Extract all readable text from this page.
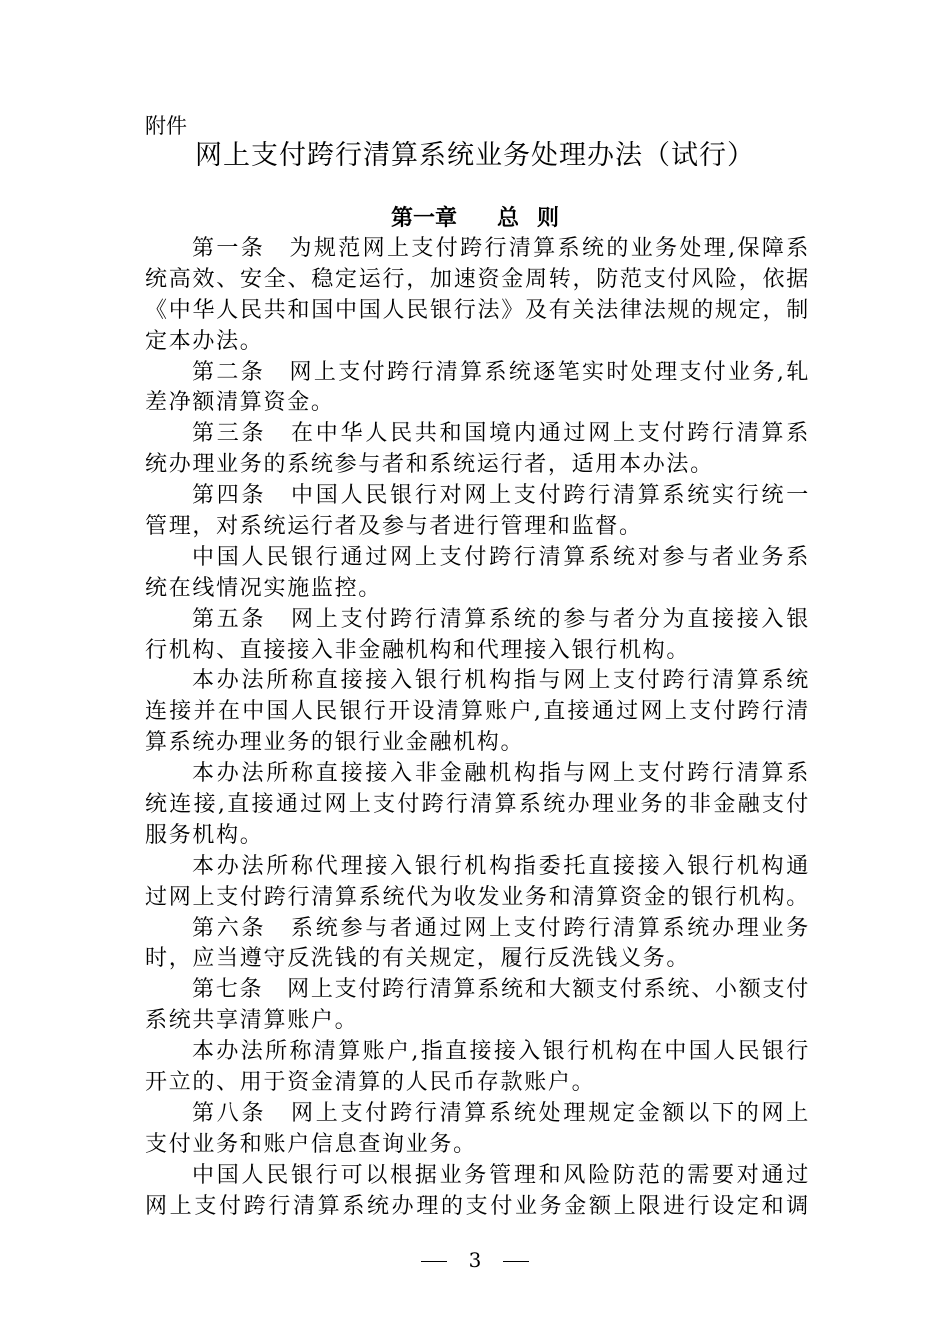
附件
网上支付跨行清算系统业务处理办法（试行）
第一章 总 则
第一条　为规范网上支付跨行清算系统的业务处理,保障系
统高效、安全、稳定运行，加速资金周转，防范支付风险，依据
《中华人民共和国中国人民银行法》及有关法律法规的规定，制
定本办法。
第二条　网上支付跨行清算系统逐笔实时处理支付业务,轧
差净额清算资金。
第三条　在中华人民共和国境内通过网上支付跨行清算系
统办理业务的系统参与者和系统运行者，适用本办法。
第四条　中国人民银行对网上支付跨行清算系统实行统一
管理，对系统运行者及参与者进行管理和监督。
中国人民银行通过网上支付跨行清算系统对参与者业务系
统在线情况实施监控。
第五条　网上支付跨行清算系统的参与者分为直接接入银
行机构、直接接入非金融机构和代理接入银行机构。
本办法所称直接接入银行机构指与网上支付跨行清算系统
连接并在中国人民银行开设清算账户,直接通过网上支付跨行清
算系统办理业务的银行业金融机构。
本办法所称直接接入非金融机构指与网上支付跨行清算系
统连接,直接通过网上支付跨行清算系统办理业务的非金融支付
服务机构。
本办法所称代理接入银行机构指委托直接接入银行机构通
过网上支付跨行清算系统代为收发业务和清算资金的银行机构。
第六条　系统参与者通过网上支付跨行清算系统办理业务
时，应当遵守反洗钱的有关规定，履行反洗钱义务。
第七条　网上支付跨行清算系统和大额支付系统、小额支付
系统共享清算账户。
本办法所称清算账户,指直接接入银行机构在中国人民银行
开立的、用于资金清算的人民币存款账户。
第八条　网上支付跨行清算系统处理规定金额以下的网上
支付业务和账户信息查询业务。
中国人民银行可以根据业务管理和风险防范的需要对通过
网上支付跨行清算系统办理的支付业务金额上限进行设定和调
3
